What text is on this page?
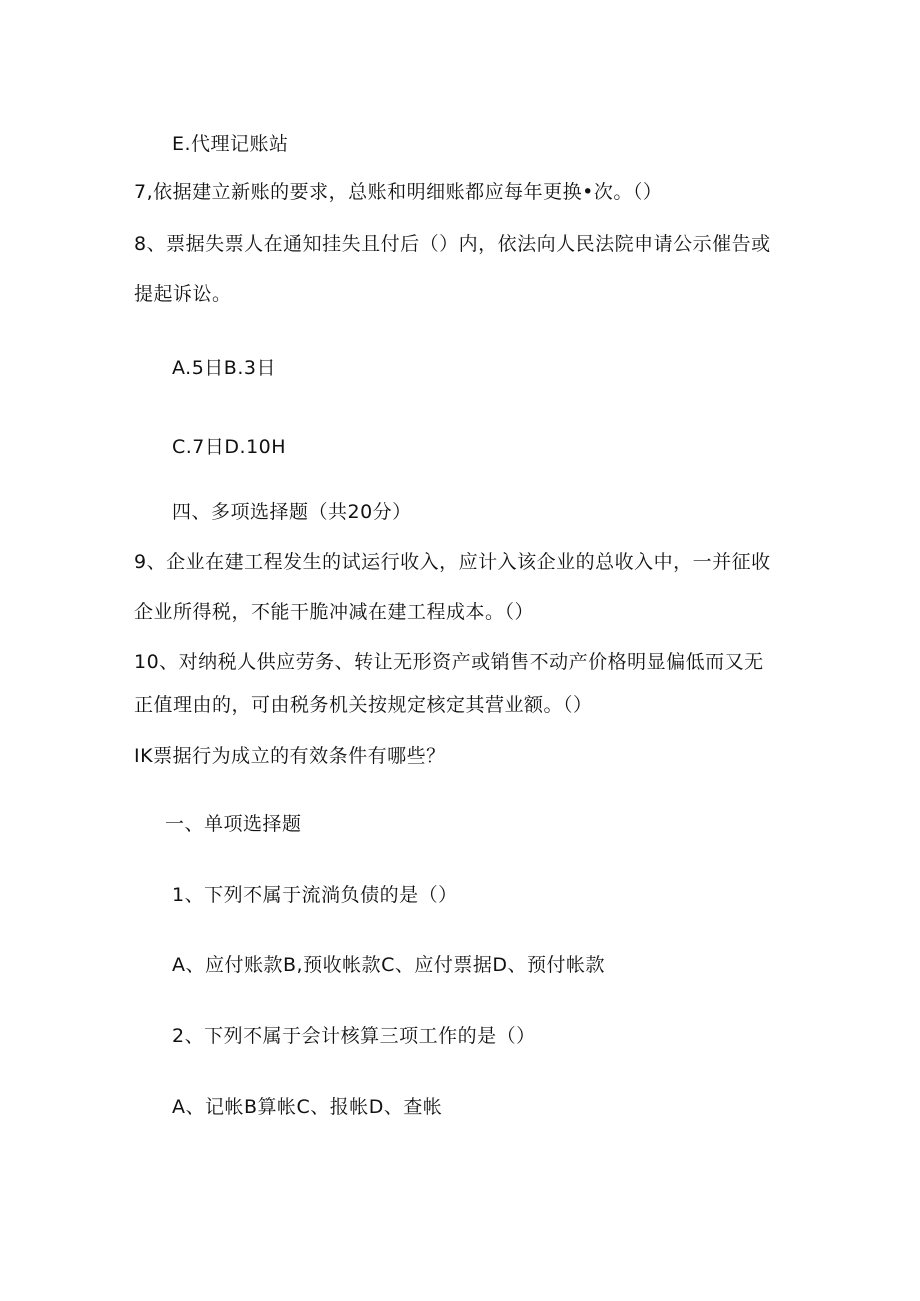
E.代理记账站
7,依据建立新账的要求，总账和明细账都应每年更换•次。（）
8、票据失票人在通知挂失且付后（）内，依法向人民法院申请公示催告或
提起诉讼。
A.5日B.3日
C.7日D.10H
四、多项选择题（共20分）
9、企业在建工程发生的试运行收入，应计入该企业的总收入中，一并征收
企业所得税，不能干脆冲减在建工程成本。（）
10、对纳税人供应劳务、转让无形资产或销售不动产价格明显偏低而又无
正值理由的，可由税务机关按规定核定其营业额。（）
IK票据行为成立的有效条件有哪些？
一、单项选择题
1、下列不属于流淌负债的是（）
A、应付账款B,预收帐款C、应付票据D、预付帐款
2、下列不属于会计核算三项工作的是（）
A、记帐B算帐C、报帐D、查帐
